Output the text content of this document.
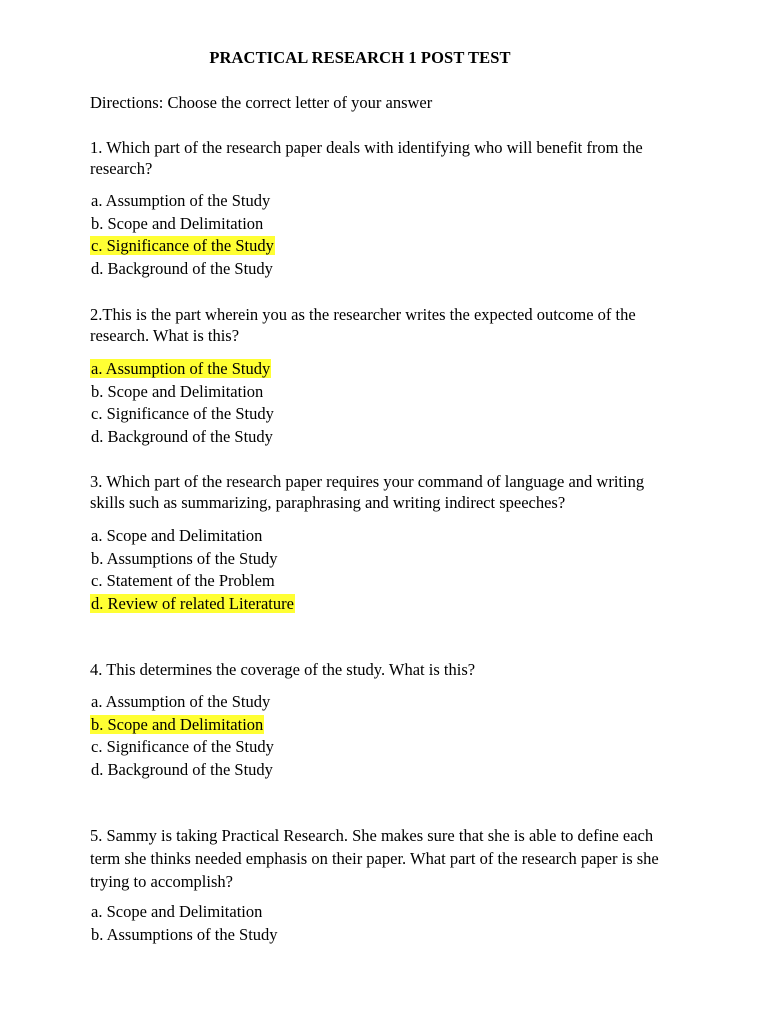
PRACTICAL RESEARCH 1 POST TEST
Directions: Choose the correct letter of your answer
1. Which part of the research paper deals with identifying who will benefit from the research?
a. Assumption of the Study
b. Scope and Delimitation
c. Significance of the Study
d. Background of the Study
2.This is the part wherein you as the researcher writes the expected outcome of the research. What is this?
a. Assumption of the Study
b. Scope and Delimitation
c. Significance of the Study
d. Background of the Study
3. Which part of the research paper requires your command of language and writing skills such as summarizing, paraphrasing and writing indirect speeches?
a. Scope and Delimitation
b. Assumptions of the Study
c. Statement of the Problem
d. Review of related Literature
4. This determines the coverage of the study. What is this?
a. Assumption of the Study
b. Scope and Delimitation
c. Significance of the Study
d. Background of the Study
5. Sammy is taking Practical Research. She makes sure that she is able to define each term she thinks needed emphasis on their paper. What part of the research paper is she trying to accomplish?
a. Scope and Delimitation
b. Assumptions of the Study
